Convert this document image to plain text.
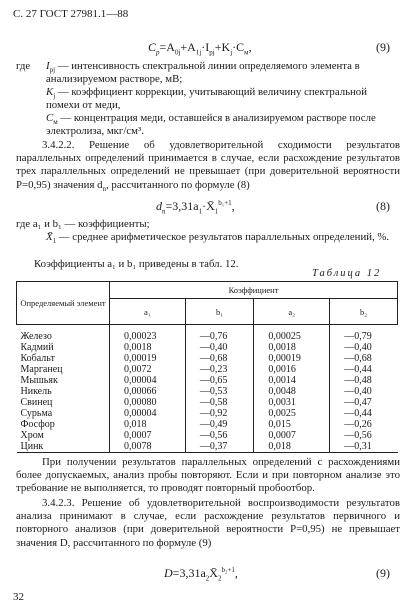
С. 27 ГОСТ 27981.1—88
$C_p=A_{0j}+A_{1j}\cdot I_{pj}+K_j\cdot C_м$,	(9)
где $I_{pj}$ — интенсивность спектральной линии определяемого элемента в анализируемом растворе, мВ;
$K_j$ — коэффициент коррекции, учитывающий величину спектральной помехи от меди,
$C_м$ — концентрация меди, оставшейся в анализируемом растворе после электролиза, мкг/см³.
3.4.2.2. Решение об удовлетворительной сходимости результатов параллельных определений принимается в случае, если расхождение результатов трех параллельных определений не превышает (при доверительной вероятности P=0,95) значения $d_n$, рассчитанного по формуле (8)
$d_n=3,31a_1\cdot X̄_1^{b_1+1}$,	(8)
где a₁ и b₁ — коэффициенты;
$X̄_1$ — среднее арифметическое результатов параллельных определений, %.
Коэффициенты a₁ и b₁ приведены в табл. 12.
Таблица 12
Определяемый элемент	Коэффициент			
	a₁	b₁	a₂	b₂
Железо	0,00023	—0,76	0,00025	—0,79
Кадмий	0,0018	—0,40	0,0018	—0,40
Кобальт	0,00019	—0,68	0,00019	—0,68
Марганец	0,0072	—0,23	0,0016	—0,44
Мышьяк	0,00004	—0,65	0,0014	—0,48
Никель	0,00066	—0,53	0,0048	—0,40
Свинец	0,00080	—0,58	0,0031	—0,47
Сурьма	0,00004	—0,92	0,0025	—0,44
Фосфор	0,018	—0,49	0,015	—0,26
Хром	0,0007	—0,56	0,0007	—0,56
Цинк	0,0078	—0,37	0,018	—0,31
При получении результатов параллельных определений с расхождениями более допускаемых, анализ пробы повторяют. Если и при повторном анализе это требование не выполняется, то проводят повторный пробоотбор.
3.4.2.3. Решение об удовлетворительной воспроизводимости результатов анализа принимают в случае, если расхождение результатов первичного и повторного анализов (при доверительной вероятности P=0,95) не превышает значения D, рассчитанного по формуле (9)
$D=3,31a_2X̄_2^{b_2+1}$,	(9)
32
